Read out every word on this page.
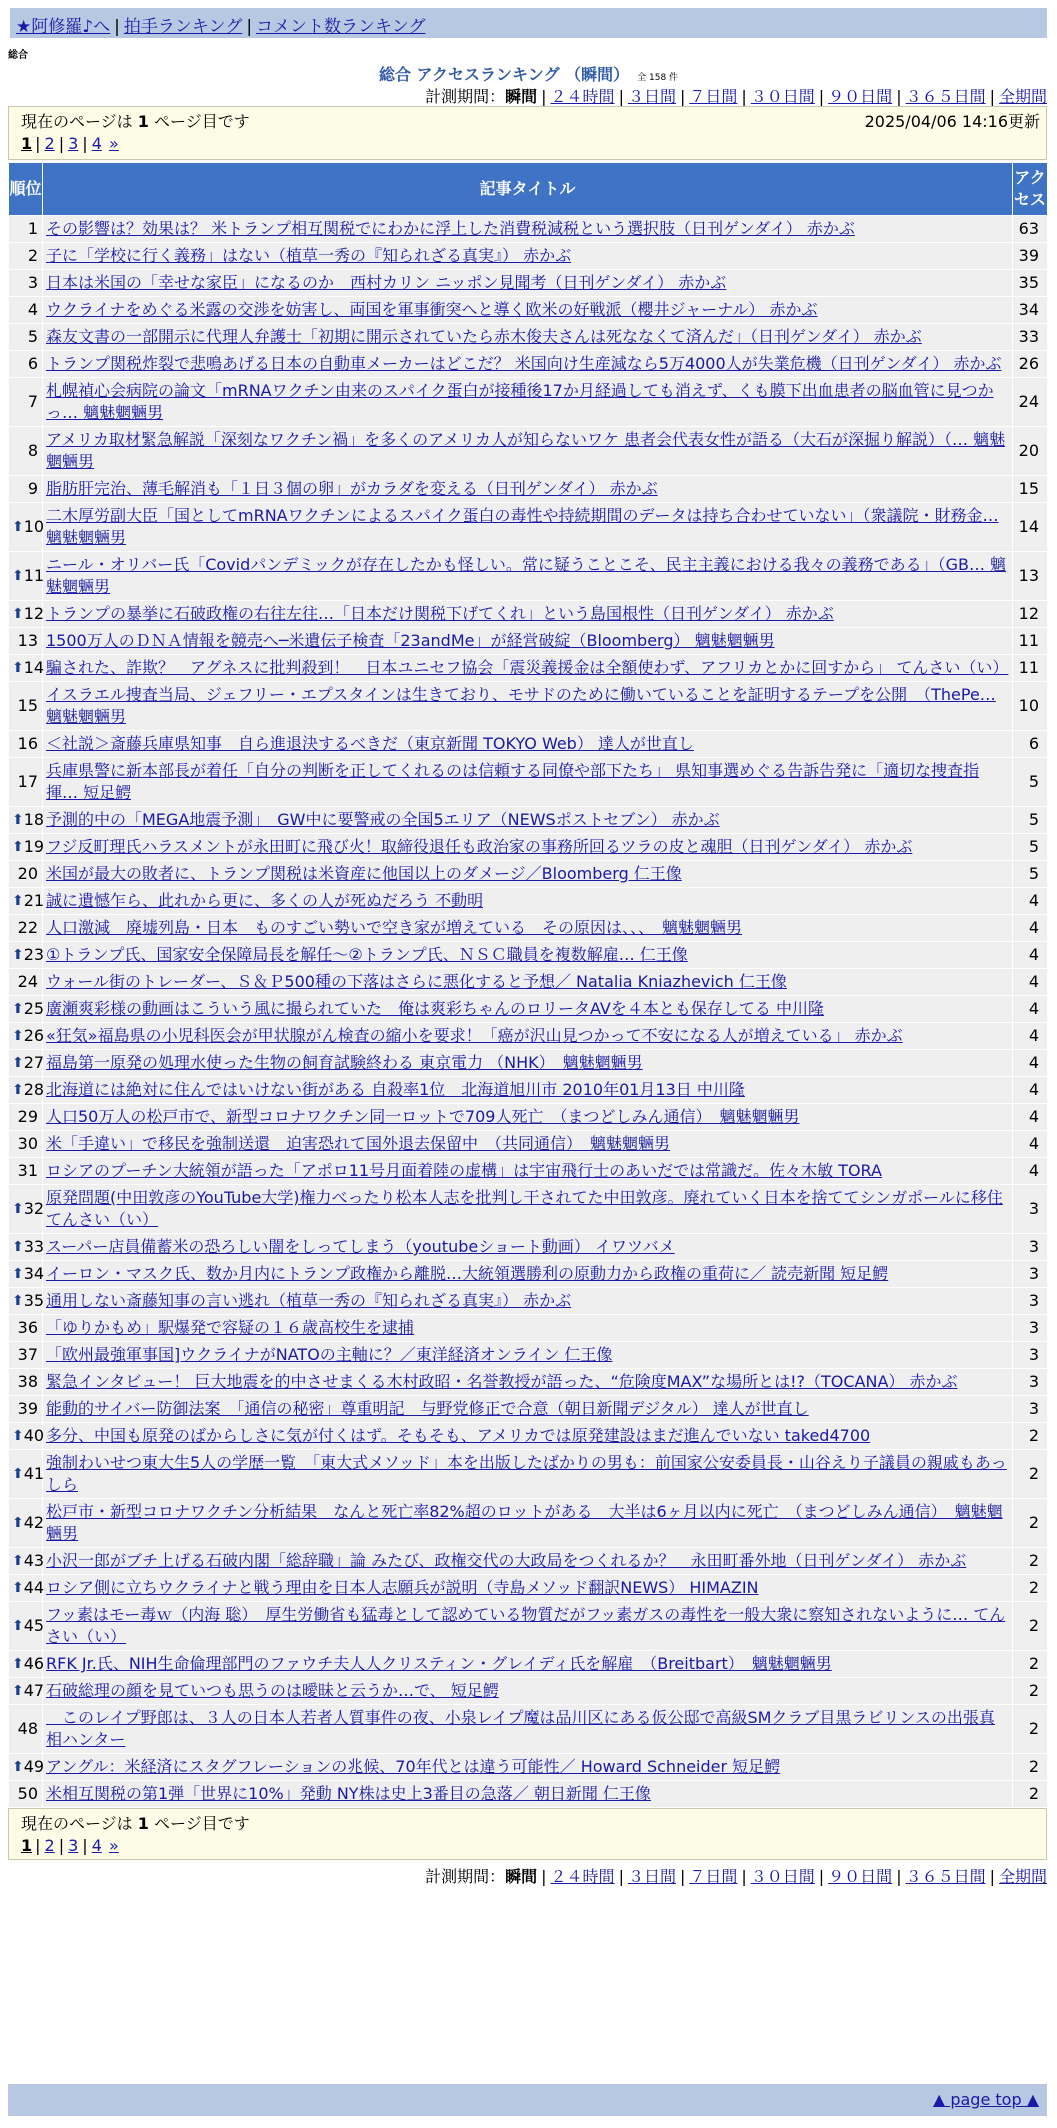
★阿修羅♪へ | 拍手ランキング | コメント数ランキング
総合
総合 アクセスランキング （瞬間） 全 158 件
計測期間：瞬間 | ２４時間 | ３日間 | ７日間 | ３０日間 | ９０日間 | ３６５日間 | 全期間
現在のページは 1 ページ目です	2025/04/06 14:16更新
1 | 2 | 3 | 4 »
順位	記事タイトル	アクセス
1	その影響は？効果は？ 米トランプ相互関税でにわかに浮上した消費税減税という選択肢（日刊ゲンダイ） 赤かぶ	63
2	子に「学校に行く義務」はない（植草一秀の『知られざる真実』） 赤かぶ	39
3	日本は米国の「幸せな家臣」になるのか　西村カリン ニッポン見聞考（日刊ゲンダイ） 赤かぶ	35
4	ウクライナをめぐる米露の交渉を妨害し、両国を軍事衝突へと導く欧米の好戦派（櫻井ジャーナル） 赤かぶ	34
5	森友文書の一部開示に代理人弁護士「初期に開示されていたら赤木俊夫さんは死ななくて済んだ」（日刊ゲンダイ） 赤かぶ	33
6	トランプ関税炸裂で悲鳴あげる日本の自動車メーカーはどこだ？ 米国向け生産減なら5万4000人が失業危機（日刊ゲンダイ） 赤かぶ	26
7	札幌禎心会病院の論文「mRNAワクチン由来のスパイク蛋白が接種後17か月経過しても消えず、くも膜下出血患者の脳血管に見つかっ… 魑魅魍魎男	24
8	アメリカ取材緊急解説「深刻なワクチン禍」を多くのアメリカ人が知らないワケ 患者会代表女性が語る（大石が深掘り解説）（… 魑魅魍魎男	20
9	脂肪肝完治、薄毛解消も「１日３個の卵」がカラダを変える（日刊ゲンダイ） 赤かぶ	15

⬆ 10	二木厚労副大臣「国としてmRNAワクチンによるスパイク蛋白の毒性や持続期間のデータは持ち合わせていない」（衆議院・財務金… 魑魅魍魎男	14

⬆ 11	ニール・オリバー氏「Covidパンデミックが存在したかも怪しい。常に疑うことこそ、民主主義における我々の義務である」（GB… 魑魅魍魎男	13

⬆ 12	トランプの暴挙に石破政権の右往左往…「日本だけ関税下げてくれ」という島国根性（日刊ゲンダイ） 赤かぶ	12
13	1500万人のＤＮＡ情報を競売へ─米遺伝子検査「23andMe」が経営破綻（Bloomberg） 魑魅魍魎男	11

⬆ 14	騙された、詐欺？　アグネスに批判殺到！　日本ユニセフ協会「震災義援金は全額使わず、アフリカとかに回すから」 てんさい（い）	11
15	イスラエル捜査当局、ジェフリー・エプスタインは生きており、モサドのために働いていることを証明するテープを公開　（ThePe… 魑魅魍魎男	10
16	＜社説＞斎藤兵庫県知事　自ら進退決するべきだ（東京新聞 TOKYO Web） 達人が世直し	6
17	兵庫県警に新本部長が着任「自分の判断を正してくれるのは信頼する同僚や部下たち」 県知事選めぐる告訴告発に「適切な捜査指揮… 短足鰐	5

⬆ 18	予測的中の「MEGA地震予測」　GW中に要警戒の全国5エリア（NEWSポストセブン） 赤かぶ	5

⬆ 19	フジ反町理氏ハラスメントが永田町に飛び火！取締役退任も政治家の事務所回るツラの皮と魂胆（日刊ゲンダイ） 赤かぶ	5
20	米国が最大の敗者に、トランプ関税は米資産に他国以上のダメージ／Bloomberg 仁王像	5

⬆ 21	誠に遺憾乍ら、此れから更に、多くの人が死ぬだろう 不動明	4
22	人口激減　廃墟列島・日本　ものすごい勢いで空き家が増えている　その原因は、、、　魑魅魍魎男	4

⬆ 23	①トランプ氏、国家安全保障局長を解任～②トランプ氏、ＮＳＣ職員を複数解雇… 仁王像	4
24	ウォール街のトレーダー、Ｓ＆Ｐ500種の下落はさらに悪化すると予想／ Natalia Kniazhevich 仁王像	4

⬆ 25	廣瀬爽彩様の動画はこういう風に撮られていた　俺は爽彩ちゃんのロリータAVを４本とも保存してる 中川隆	4

⬆ 26	«狂気»福島県の小児科医会が甲状腺がん検査の縮小を要求！「癌が沢山見つかって不安になる人が増えている」 赤かぶ	4

⬆ 27	福島第一原発の処理水使った生物の飼育試験終わる 東京電力 （NHK）　魑魅魍魎男	4

⬆ 28	北海道には絶対に住んではいけない街がある 自殺率1位　北海道旭川市 2010年01月13日 中川隆	4
29	人口50万人の松戸市で、新型コロナワクチン同一ロットで709人死亡　（まつどしみん通信）　魑魅魍魎男	4
30	米「手違い」で移民を強制送還　迫害恐れて国外退去保留中　（共同通信）　魑魅魍魎男	4
31	ロシアのプーチン大統領が語った「アポロ11号月面着陸の虚構」は宇宙飛行士のあいだでは常識だ。佐々木敏 TORA	4

⬆ 32	原発問題(中田敦彦のYouTube大学)権力べったり松本人志を批判し干されてた中田敦彦。廃れていく日本を捨ててシンガポールに移住 てんさい（い）	3

⬆ 33	スーパー店員備蓄米の恐ろしい闇をしってしまう（youtubeショート動画） イワツバメ	3

⬆ 34	イーロン・マスク氏、数か月内にトランプ政権から離脱…大統領選勝利の原動力から政権の重荷に／ 読売新聞 短足鰐	3

⬆ 35	通用しない斎藤知事の言い逃れ（植草一秀の『知られざる真実』） 赤かぶ	3
36	「ゆりかもめ」駅爆発で容疑の１６歳高校生を逮捕	3
37	「欧州最強軍事国]ウクライナがNATOの主軸に？／東洋経済オンライン 仁王像	3
38	緊急インタビュー！ 巨大地震を的中させまくる木村政昭・名誉教授が語った、“危険度MAX”な場所とは!?（TOCANA） 赤かぶ	3
39	能動的サイバー防御法案　「通信の秘密」尊重明記　与野党修正で合意（朝日新聞デジタル） 達人が世直し	3

⬆ 40	多分、中国も原発のばからしさに気が付くはず。そもそも、アメリカでは原発建設はまだ進んでいない taked4700	2

⬆ 41	強制わいせつ東大生5人の学歴一覧　「東大式メソッド」本を出版したばかりの男も：前国家公安委員長・山谷えり子議員の親戚もあっしら	2

⬆ 42	松戸市・新型コロナワクチン分析結果　なんと死亡率82%超のロットがある　大半は6ヶ月以内に死亡　（まつどしみん通信）　魑魅魍魎男	2

⬆ 43	小沢一郎がブチ上げる石破内閣「総辞職」論 みたび、政権交代の大政局をつくれるか？　永田町番外地（日刊ゲンダイ） 赤かぶ	2

⬆ 44	ロシア側に立ちウクライナと戦う理由を日本人志願兵が説明（寺島メソッド翻訳NEWS） HIMAZIN	2

⬆ 45	フッ素はモー毒ｗ（内海 聡）　厚生労働省も猛毒として認めている物質だがフッ素ガスの毒性を一般大衆に察知されないように… てんさい（い）	2

⬆ 46	RFK Jr.氏、NIH生命倫理部門のファウチ夫人人クリスティン・グレイディ氏を解雇　（Breitbart）　魑魅魍魎男	2

⬆ 47	石破総理の顔を見ていつも思うのは曖昧と云うか…で、 短足鰐	2
48	　このレイプ野郎は、３人の日本人若者人質事件の夜、小泉レイプ魔は品川区にある仮公邸で高級SMクラブ目黒ラビリンスの出張真相ハンター	2

⬆ 49	アングル：米経済にスタグフレーションの兆候、70年代とは違う可能性／ Howard Schneider 短足鰐	2
50	米相互関税の第1弾「世界に10%」発動 NY株は史上3番目の急落／ 朝日新聞 仁王像	2
現在のページは 1 ページ目です
1 | 2 | 3 | 4 »
計測期間：瞬間 | ２４時間 | ３日間 | ７日間 | ３０日間 | ９０日間 | ３６５日間 | 全期間
▲ page top ▲
